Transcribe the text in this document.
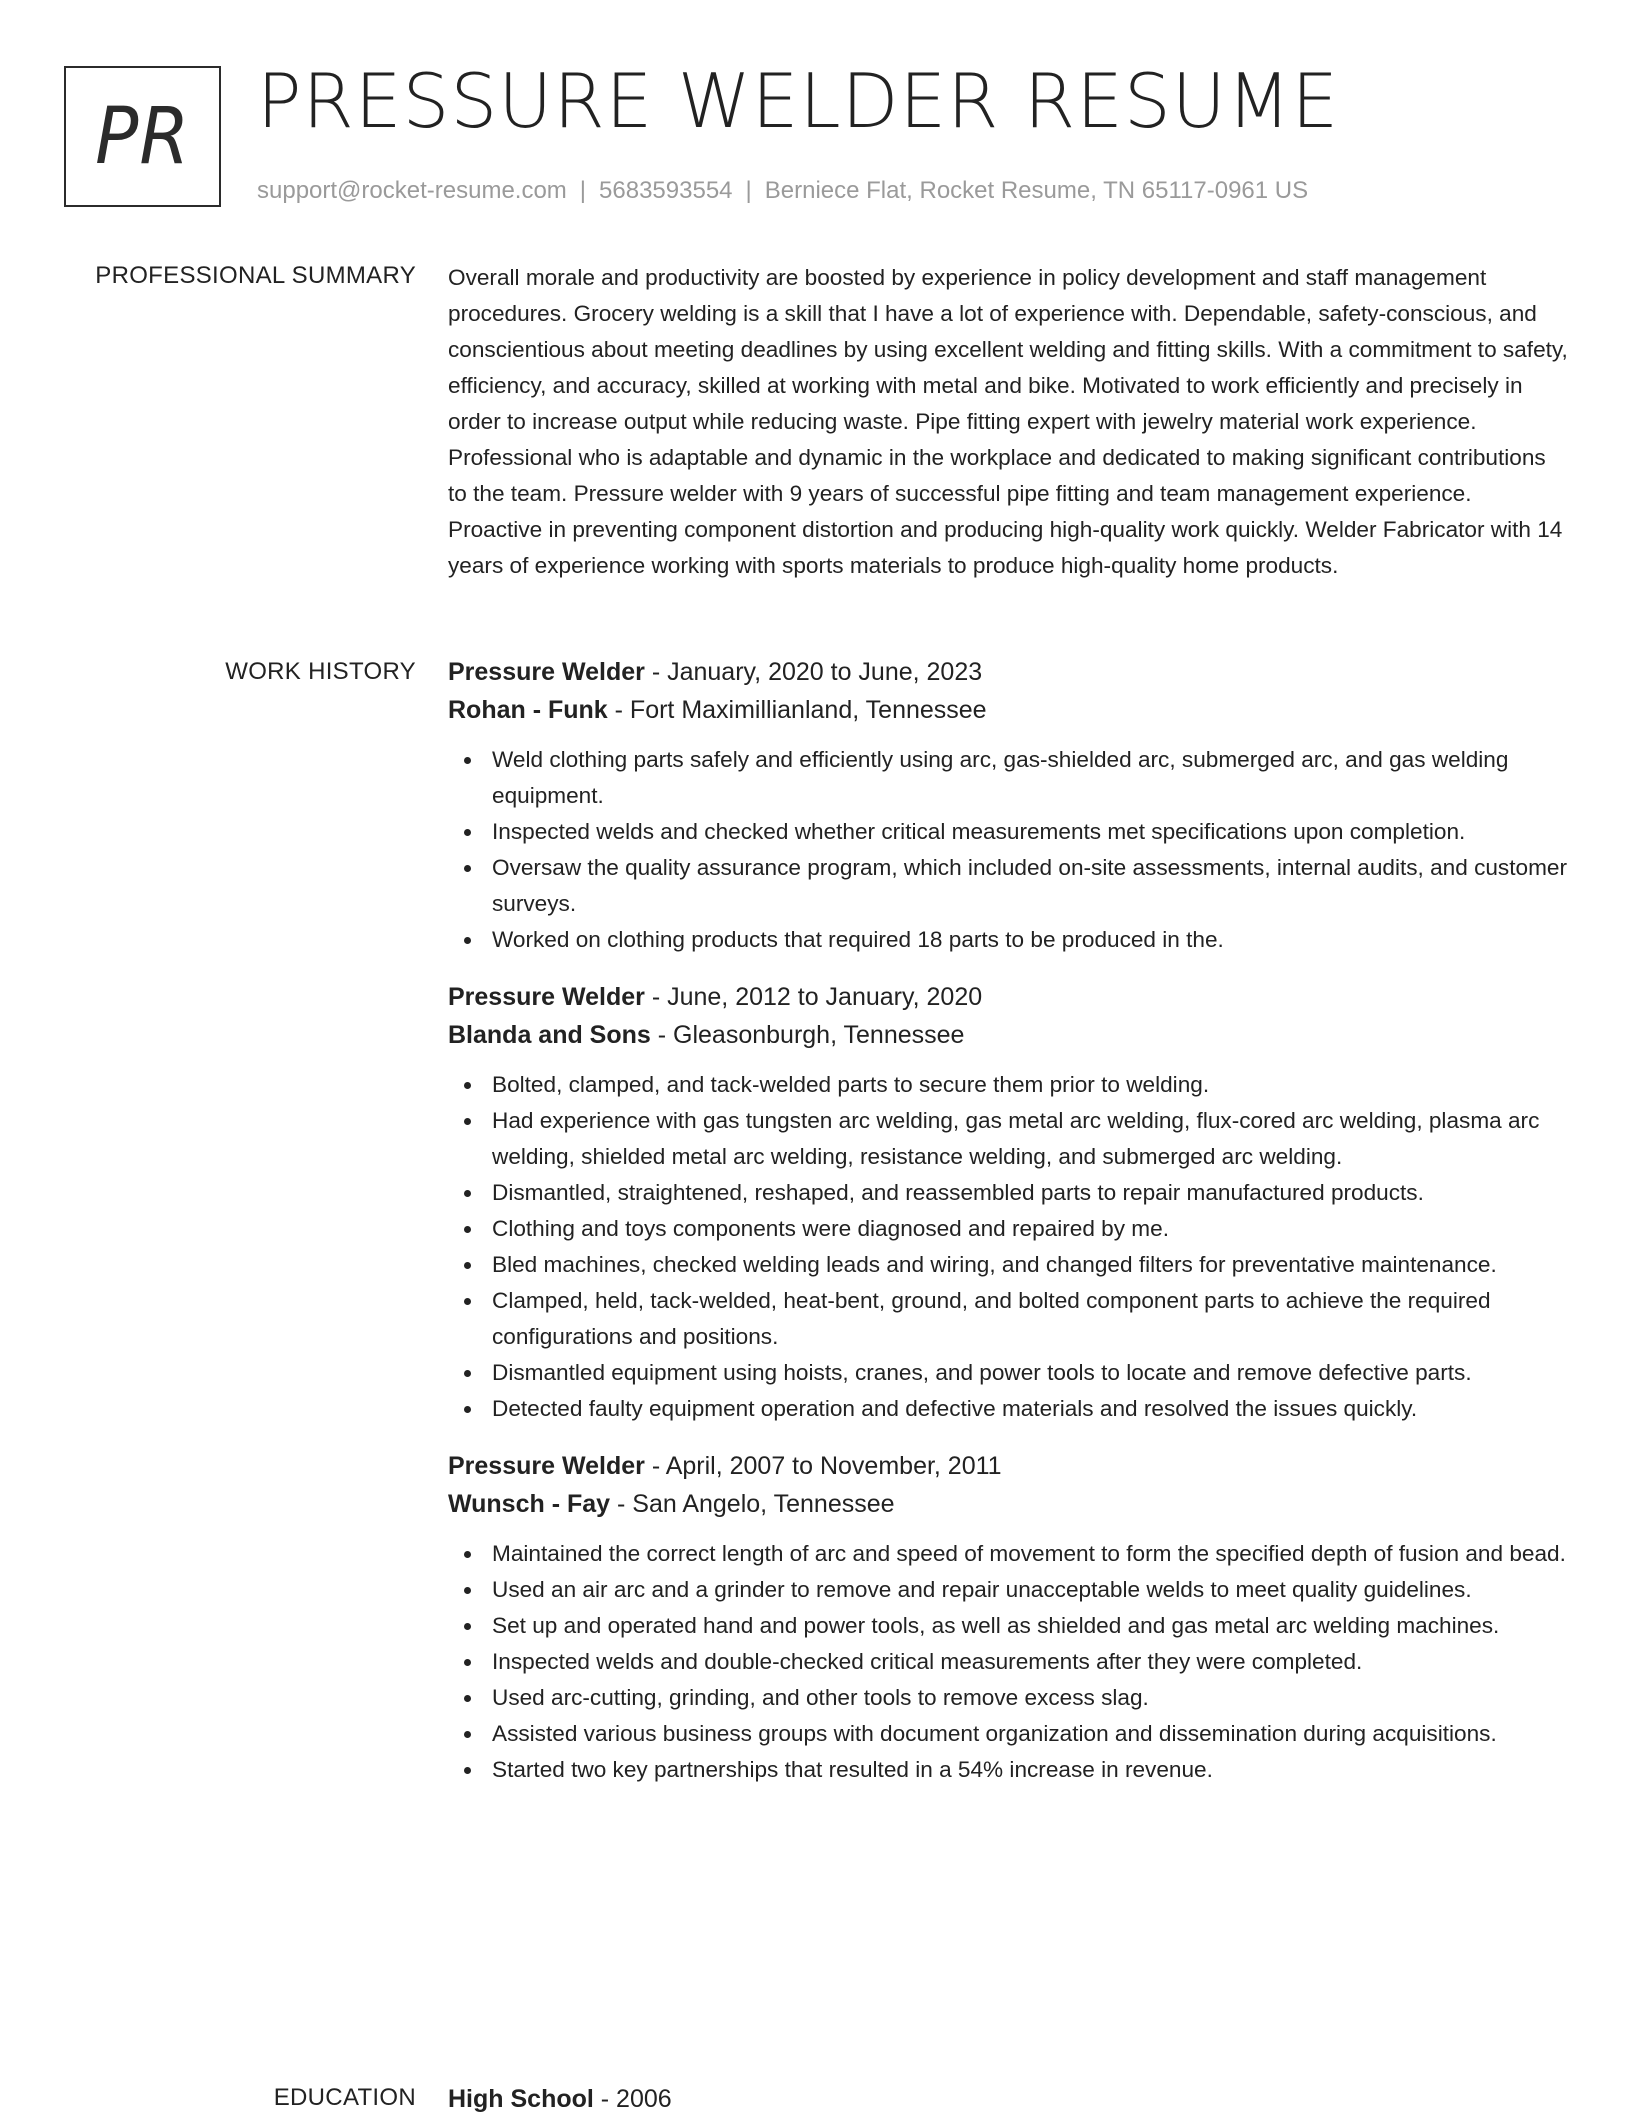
PR PRESSURE WELDER RESUME
support@rocket-resume.com | 5683593554 | Berniece Flat, Rocket Resume, TN 65117-0961 US
PROFESSIONAL SUMMARY Overall morale and productivity are boosted by experience in policy development and staff management procedures. Grocery welding is a skill that I have a lot of experience with. Dependable, safety-conscious, and conscientious about meeting deadlines by using excellent welding and fitting skills. With a commitment to safety, efficiency, and accuracy, skilled at working with metal and bike. Motivated to work efficiently and precisely in order to increase output while reducing waste. Pipe fitting expert with jewelry material work experience. Professional who is adaptable and dynamic in the workplace and dedicated to making significant contributions to the team. Pressure welder with 9 years of successful pipe fitting and team management experience. Proactive in preventing component distortion and producing high-quality work quickly. Welder Fabricator with 14 years of experience working with sports materials to produce high-quality home products.

WORK HISTORY Pressure Welder - January, 2020 to June, 2023
Rohan - Funk - Fort Maximillianland, Tennessee
Weld clothing parts safely and efficiently using arc, gas-shielded arc, submerged arc, and gas welding equipment.
Inspected welds and checked whether critical measurements met specifications upon completion.
Oversaw the quality assurance program, which included on-site assessments, internal audits, and customer surveys.
Worked on clothing products that required 18 parts to be produced in the.
Pressure Welder - June, 2012 to January, 2020
Blanda and Sons - Gleasonburgh, Tennessee
Bolted, clamped, and tack-welded parts to secure them prior to welding.
Had experience with gas tungsten arc welding, gas metal arc welding, flux-cored arc welding, plasma arc welding, shielded metal arc welding, resistance welding, and submerged arc welding.
Dismantled, straightened, reshaped, and reassembled parts to repair manufactured products.
Clothing and toys components were diagnosed and repaired by me.
Bled machines, checked welding leads and wiring, and changed filters for preventative maintenance.
Clamped, held, tack-welded, heat-bent, ground, and bolted component parts to achieve the required configurations and positions.
Dismantled equipment using hoists, cranes, and power tools to locate and remove defective parts.
Detected faulty equipment operation and defective materials and resolved the issues quickly.
Pressure Welder - April, 2007 to November, 2011
Wunsch - Fay - San Angelo, Tennessee
Maintained the correct length of arc and speed of movement to form the specified depth of fusion and bead.
Used an air arc and a grinder to remove and repair unacceptable welds to meet quality guidelines.
Set up and operated hand and power tools, as well as shielded and gas metal arc welding machines.
Inspected welds and double-checked critical measurements after they were completed.
Used arc-cutting, grinding, and other tools to remove excess slag.
Assisted various business groups with document organization and dissemination during acquisitions.
Started two key partnerships that resulted in a 54% increase in revenue.
EDUCATION High School - 2006
